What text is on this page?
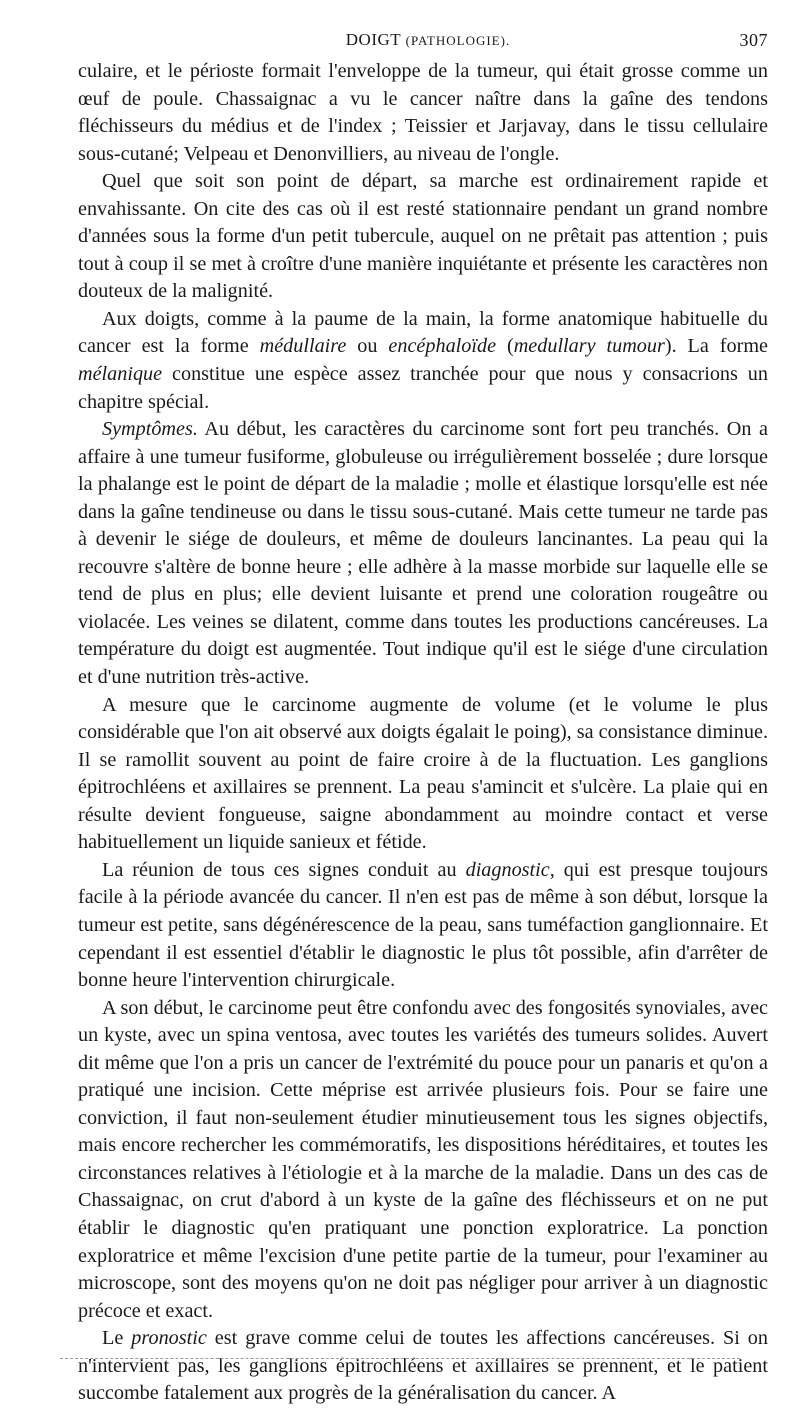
DOIGT (PATHOLOGIE).	307

culaire, et le périoste formait l'enveloppe de la tumeur, qui était grosse comme un œuf de poule. Chassaignac a vu le cancer naître dans la gaîne des tendons fléchisseurs du médius et de l'index ; Teissier et Jarjavay, dans le tissu cellulaire sous-cutané; Velpeau et Denonvilliers, au niveau de l'ongle.

Quel que soit son point de départ, sa marche est ordinairement rapide et envahissante. On cite des cas où il est resté stationnaire pendant un grand nombre d'années sous la forme d'un petit tubercule, auquel on ne prêtait pas attention ; puis tout à coup il se met à croître d'une manière inquiétante et présente les caractères non douteux de la malignité.

Aux doigts, comme à la paume de la main, la forme anatomique habituelle du cancer est la forme médullaire ou encéphaloïde (medullary tumour). La forme mélanique constitue une espèce assez tranchée pour que nous y consacrions un chapitre spécial.

Symptômes. Au début, les caractères du carcinome sont fort peu tranchés. On a affaire à une tumeur fusiforme, globuleuse ou irrégulièrement bosselée ; dure lorsque la phalange est le point de départ de la maladie ; molle et élastique lorsqu'elle est née dans la gaîne tendineuse ou dans le tissu sous-cutané. Mais cette tumeur ne tarde pas à devenir le siége de douleurs, et même de douleurs lancinantes. La peau qui la recouvre s'altère de bonne heure ; elle adhère à la masse morbide sur laquelle elle se tend de plus en plus; elle devient luisante et prend une coloration rougeâtre ou violacée. Les veines se dilatent, comme dans toutes les productions cancéreuses. La température du doigt est augmentée. Tout indique qu'il est le siége d'une circulation et d'une nutrition très-active.

A mesure que le carcinome augmente de volume (et le volume le plus considérable que l'on ait observé aux doigts égalait le poing), sa consistance diminue. Il se ramollit souvent au point de faire croire à de la fluctuation. Les ganglions épitrochléens et axillaires se prennent. La peau s'amincit et s'ulcère. La plaie qui en résulte devient fongueuse, saigne abondamment au moindre contact et verse habituellement un liquide sanieux et fétide.

La réunion de tous ces signes conduit au diagnostic, qui est presque toujours facile à la période avancée du cancer. Il n'en est pas de même à son début, lorsque la tumeur est petite, sans dégénérescence de la peau, sans tuméfaction ganglionnaire. Et cependant il est essentiel d'établir le diagnostic le plus tôt possible, afin d'arrêter de bonne heure l'intervention chirurgicale.

A son début, le carcinome peut être confondu avec des fongosités synoviales, avec un kyste, avec un spina ventosa, avec toutes les variétés des tumeurs solides. Auvert dit même que l'on a pris un cancer de l'extrémité du pouce pour un panaris et qu'on a pratiqué une incision. Cette méprise est arrivée plusieurs fois. Pour se faire une conviction, il faut non-seulement étudier minutieusement tous les signes objectifs, mais encore rechercher les commémoratifs, les dispositions héréditaires, et toutes les circonstances relatives à l'étiologie et à la marche de la maladie. Dans un des cas de Chassaignac, on crut d'abord à un kyste de la gaîne des fléchisseurs et on ne put établir le diagnostic qu'en pratiquant une ponction exploratrice. La ponction exploratrice et même l'excision d'une petite partie de la tumeur, pour l'examiner au microscope, sont des moyens qu'on ne doit pas négliger pour arriver à un diagnostic précoce et exact.

Le pronostic est grave comme celui de toutes les affections cancéreuses. Si on n'intervient pas, les ganglions épitrochléens et axillaires se prennent, et le patient succombe fatalement aux progrès de la généralisation du cancer. A
